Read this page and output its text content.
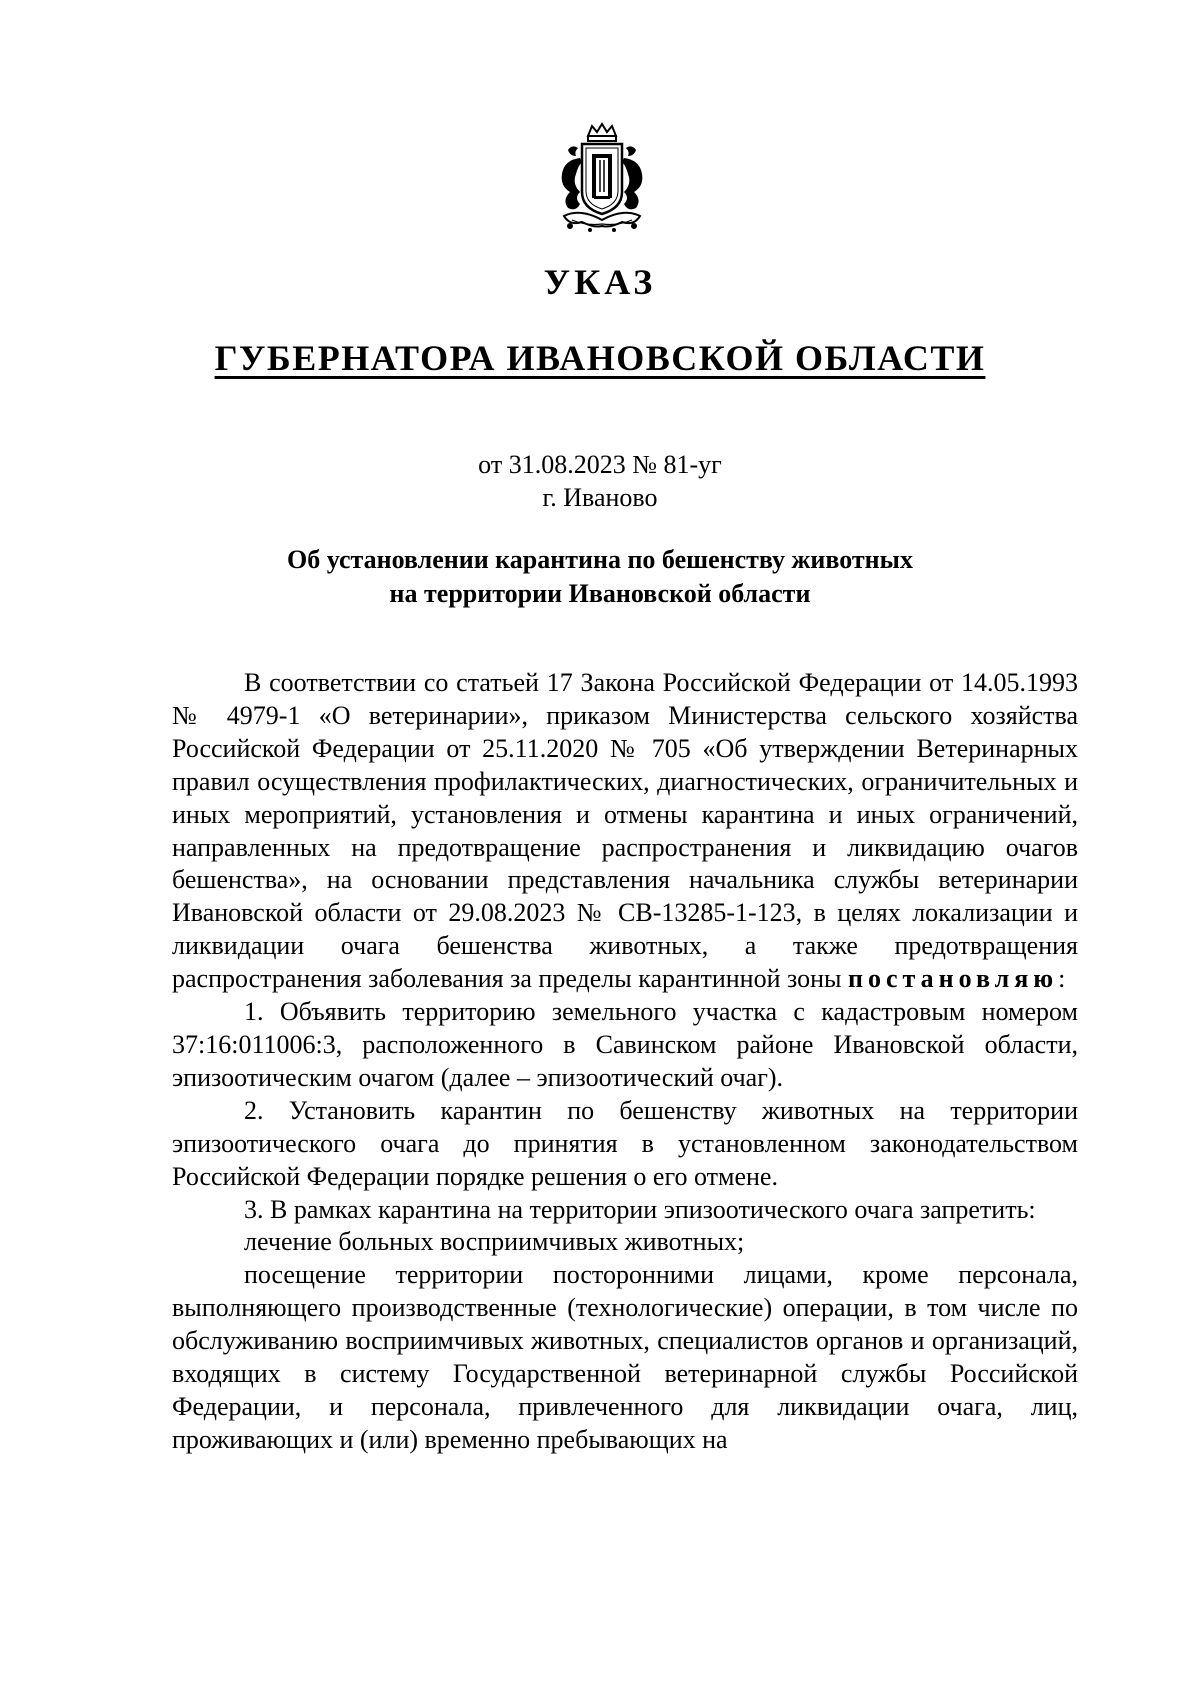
УКАЗ
ГУБЕРНАТОРА ИВАНОВСКОЙ ОБЛАСТИ
от 31.08.2023 № 81-уг
г. Иваново
Об установлении карантина по бешенству животных
на территории Ивановской области

В соответствии со статьей 17 Закона Российской Федерации от 14.05.1993 № 4979-1 «О ветеринарии», приказом Министерства сельского хозяйства Российской Федерации от 25.11.2020 № 705 «Об утверждении Ветеринарных правил осуществления профилактических, диагностических, ограничительных и иных мероприятий, установления и отмены карантина и иных ограничений, направленных на предотвращение распространения и ликвидацию очагов бешенства», на основании представления начальника службы ветеринарии Ивановской области от 29.08.2023 № СВ-13285-1-123, в целях локализации и ликвидации очага бешенства животных, а также предотвращения распространения заболевания за пределы карантинной зоны постановляю:

1. Объявить территорию земельного участка с кадастровым номером 37:16:011006:3, расположенного в Савинском районе Ивановской области, эпизоотическим очагом (далее – эпизоотический очаг).

2. Установить карантин по бешенству животных на территории эпизоотического очага до принятия в установленном законодательством Российской Федерации порядке решения о его отмене.

3. В рамках карантина на территории эпизоотического очага запретить:

лечение больных восприимчивых животных;

посещение территории посторонними лицами, кроме персонала, выполняющего производственные (технологические) операции, в том числе по обслуживанию восприимчивых животных, специалистов органов и организаций, входящих в систему Государственной ветеринарной службы Российской Федерации, и персонала, привлеченного для ликвидации очага, лиц, проживающих и (или) временно пребывающих на
